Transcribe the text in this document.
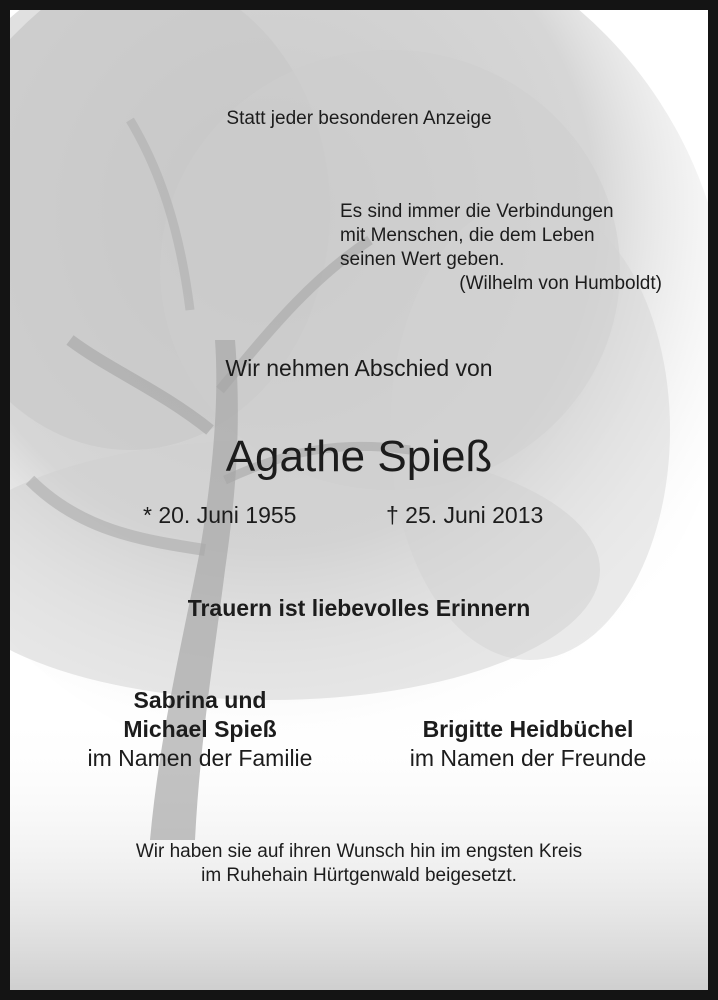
Statt jeder besonderen Anzeige
Es sind immer die Verbindungen
mit Menschen, die dem Leben
seinen Wert geben.
(Wilhelm von Humboldt)
Wir nehmen Abschied von
Agathe Spieß
* 20. Juni 1955	† 25. Juni 2013
Trauern ist liebevolles Erinnern
Sabrina und
Michael Spieß
im Namen der Familie
Brigitte Heidbüchel
im Namen der Freunde
Wir haben sie auf ihren Wunsch hin im engsten Kreis
im Ruhehain Hürtgenwald beigesetzt.
